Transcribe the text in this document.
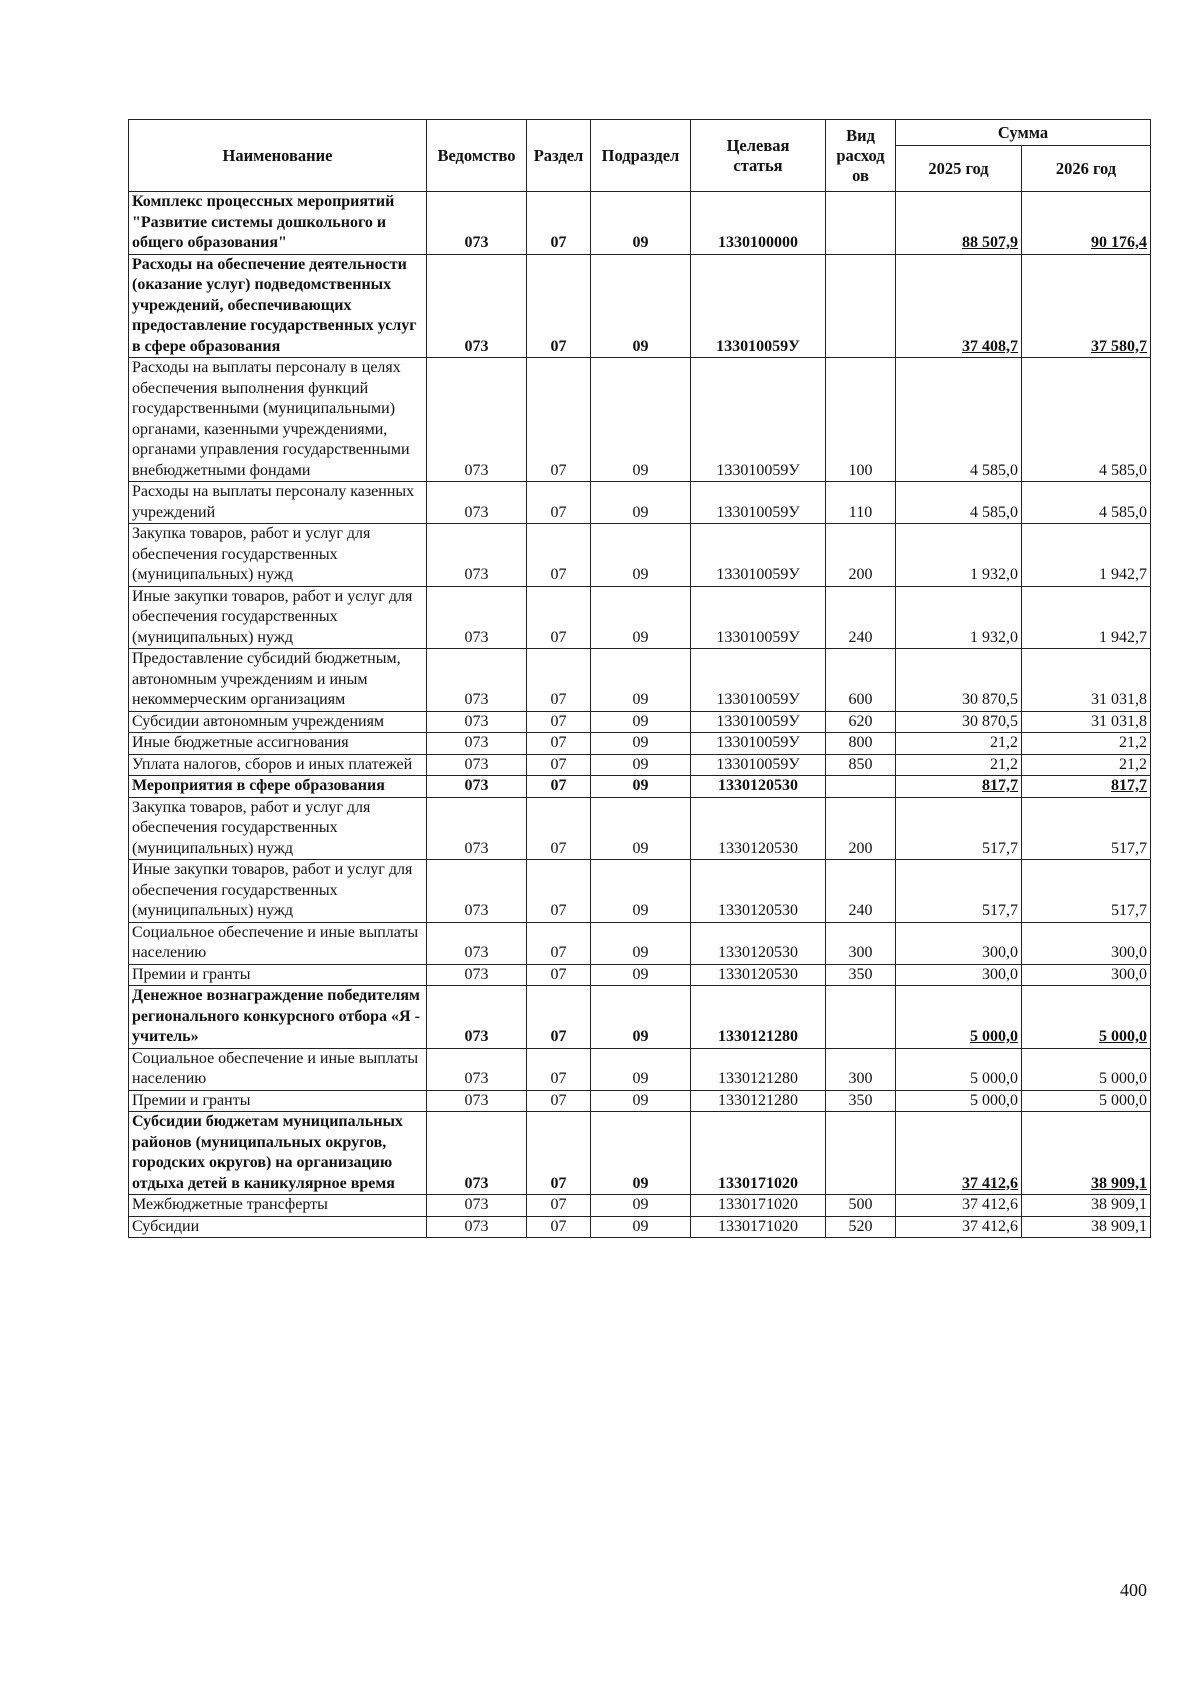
Наименование	Ведомство	Раздел	Подраздел	Целевая статья	Вид расход ов	Сумма	
						2025 год	2026 год
Комплекс процессных мероприятий "Развитие системы дошкольного и общего образования"	073	07	09	1330100000		88 507,9	90 176,4
Расходы на обеспечение деятельности (оказание услуг) подведомственных учреждений, обеспечивающих предоставление государственных услуг в сфере образования	073	07	09	133010059У		37 408,7	37 580,7
Расходы на выплаты персоналу в целях обеспечения выполнения функций государственными (муниципальными) органами, казенными учреждениями, органами управления государственными внебюджетными фондами	073	07	09	133010059У	100	4 585,0	4 585,0
Расходы на выплаты персоналу казенных учреждений	073	07	09	133010059У	110	4 585,0	4 585,0
Закупка товаров, работ и услуг для обеспечения государственных (муниципальных) нужд	073	07	09	133010059У	200	1 932,0	1 942,7
Иные закупки товаров, работ и услуг для обеспечения государственных (муниципальных) нужд	073	07	09	133010059У	240	1 932,0	1 942,7
Предоставление субсидий бюджетным, автономным учреждениям и иным некоммерческим организациям	073	07	09	133010059У	600	30 870,5	31 031,8
Субсидии автономным учреждениям	073	07	09	133010059У	620	30 870,5	31 031,8
Иные бюджетные ассигнования	073	07	09	133010059У	800	21,2	21,2
Уплата налогов, сборов и иных платежей	073	07	09	133010059У	850	21,2	21,2
Мероприятия в сфере образования	073	07	09	1330120530		817,7	817,7
Закупка товаров, работ и услуг для обеспечения государственных (муниципальных) нужд	073	07	09	1330120530	200	517,7	517,7
Иные закупки товаров, работ и услуг для обеспечения государственных (муниципальных) нужд	073	07	09	1330120530	240	517,7	517,7
Социальное обеспечение и иные выплаты населению	073	07	09	1330120530	300	300,0	300,0
Премии и гранты	073	07	09	1330120530	350	300,0	300,0
Денежное вознаграждение победителям регионального конкурсного отбора «Я - учитель»	073	07	09	1330121280		5 000,0	5 000,0
Социальное обеспечение и иные выплаты населению	073	07	09	1330121280	300	5 000,0	5 000,0
Премии и гранты	073	07	09	1330121280	350	5 000,0	5 000,0
Субсидии бюджетам муниципальных районов (муниципальных округов, городских округов) на организацию отдыха детей в каникулярное время	073	07	09	1330171020		37 412,6	38 909,1
Межбюджетные трансферты	073	07	09	1330171020	500	37 412,6	38 909,1
Субсидии	073	07	09	1330171020	520	37 412,6	38 909,1
400
